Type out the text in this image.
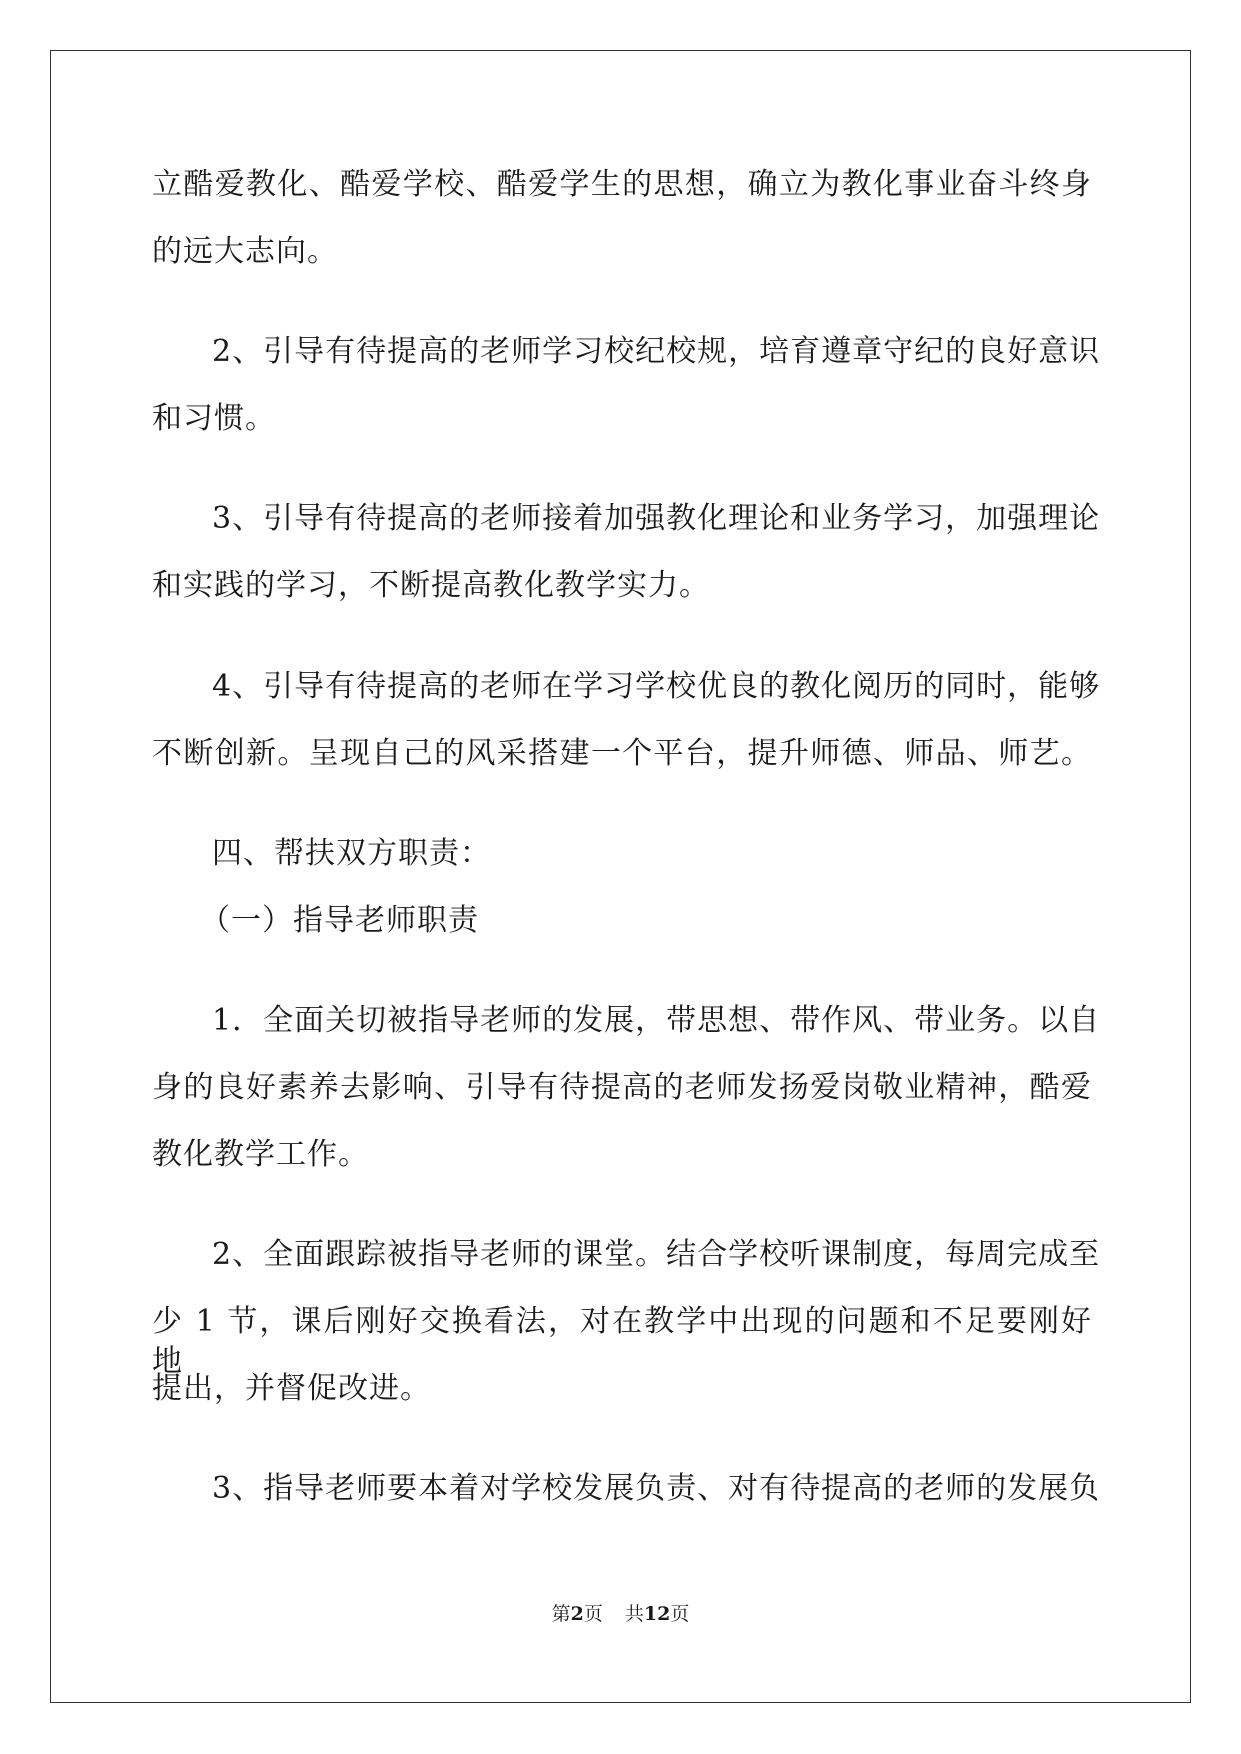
立酷爱教化、酷爱学校、酷爱学生的思想，确立为教化事业奋斗终身
的远大志向。
2、引导有待提高的老师学习校纪校规，培育遵章守纪的良好意识
和习惯。
3、引导有待提高的老师接着加强教化理论和业务学习，加强理论
和实践的学习，不断提高教化教学实力。
4、引导有待提高的老师在学习学校优良的教化阅历的同时，能够
不断创新。呈现自己的风采搭建一个平台，提升师德、师品、师艺。
四、帮扶双方职责：
（一）指导老师职责
1．全面关切被指导老师的发展，带思想、带作风、带业务。以自
身的良好素养去影响、引导有待提高的老师发扬爱岗敬业精神，酷爱
教化教学工作。
2、全面跟踪被指导老师的课堂。结合学校听课制度，每周完成至
少 1 节，课后刚好交换看法，对在教学中出现的问题和不足要刚好地
提出，并督促改进。
3、指导老师要本着对学校发展负责、对有待提高的老师的发展负
第2页 共12页
